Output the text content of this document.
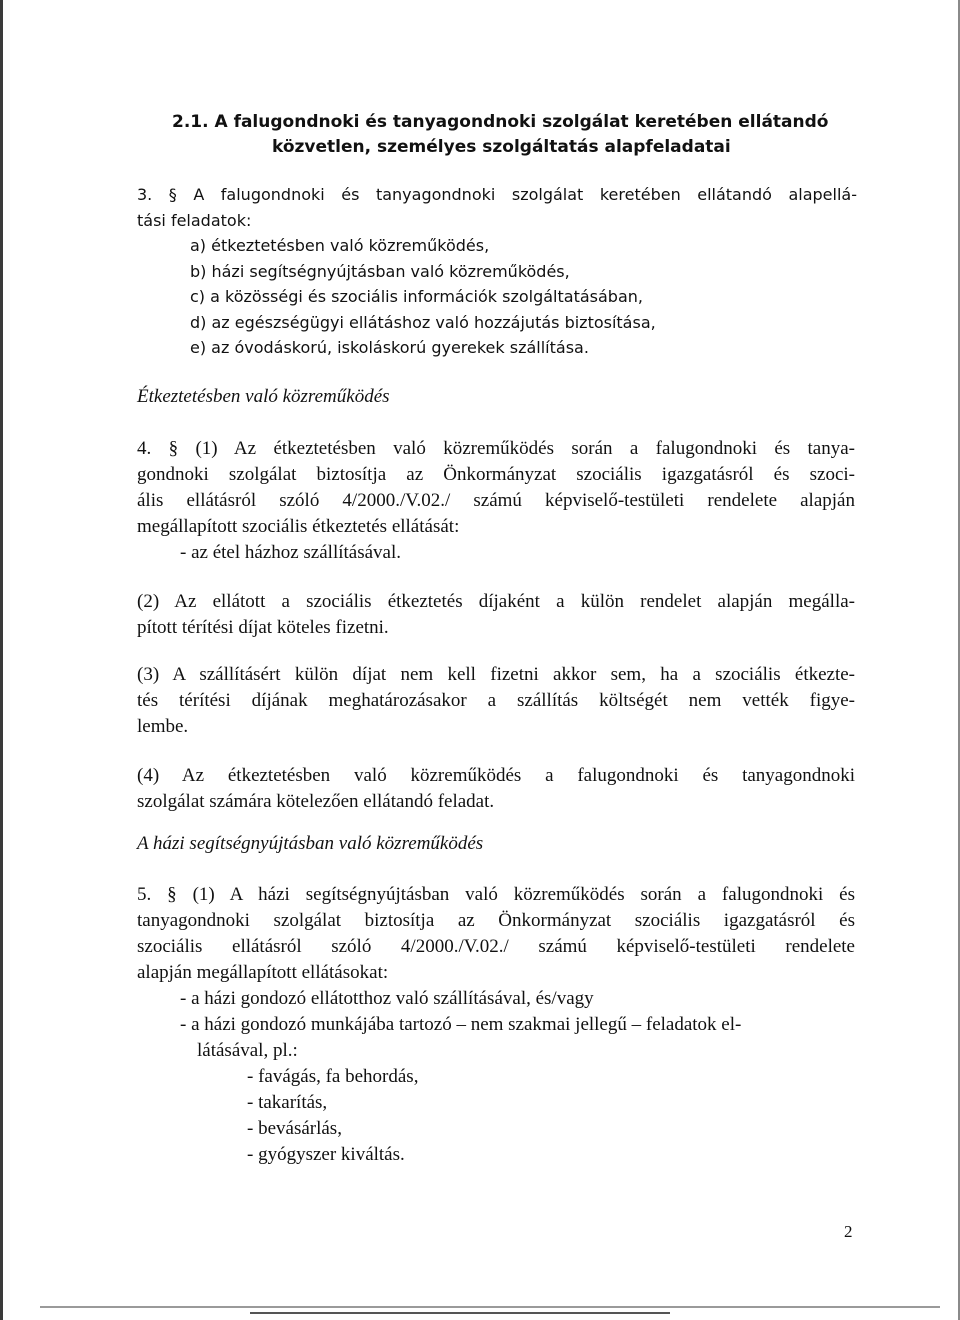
2.1. A falugondnoki és tanyagondnoki szolgálat keretében ellátandó
közvetlen, személyes szolgáltatás alapfeladatai
3. § A falugondnoki és tanyagondnoki szolgálat keretében ellátandó alapellá-
tási feladatok:
a) étkeztetésben való közreműködés,
b) házi segítségnyújtásban való közreműködés,
c) a közösségi és szociális információk szolgáltatásában,
d) az egészségügyi ellátáshoz való hozzájutás biztosítása,
e) az óvodáskorú, iskoláskorú gyerekek szállítása.
Étkeztetésben való közreműködés
4. § (1) Az étkeztetésben való közreműködés során a falugondnoki és tanya-
gondnoki szolgálat biztosítja az Önkormányzat szociális igazgatásról és szoci-
ális ellátásról szóló 4/2000./V.02./ számú képviselő-testületi rendelete alapján
megállapított szociális étkeztetés ellátását:
- az étel házhoz szállításával.
(2) Az ellátott a szociális étkeztetés díjaként a külön rendelet alapján megálla-
pított térítési díjat köteles fizetni.
(3) A szállításért külön díjat nem kell fizetni akkor sem, ha a szociális étkezte-
tés térítési díjának meghatározásakor a szállítás költségét nem vették figye-
lembe.
(4) Az étkeztetésben való közreműködés a falugondnoki és tanyagondnoki
szolgálat számára kötelezően ellátandó feladat.
A házi segítségnyújtásban való közreműködés
5. § (1) A házi segítségnyújtásban való közreműködés során a falugondnoki és
tanyagondnoki szolgálat biztosítja az Önkormányzat szociális igazgatásról és
szociális ellátásról szóló 4/2000./V.02./ számú képviselő-testületi rendelete
alapján megállapított ellátásokat:
- a házi gondozó ellátotthoz való szállításával, és/vagy
- a házi gondozó munkájába tartozó – nem szakmai jellegű – feladatok el-
látásával, pl.:
- favágás, fa behordás,
- takarítás,
- bevásárlás,
- gyógyszer kiváltás.
2
